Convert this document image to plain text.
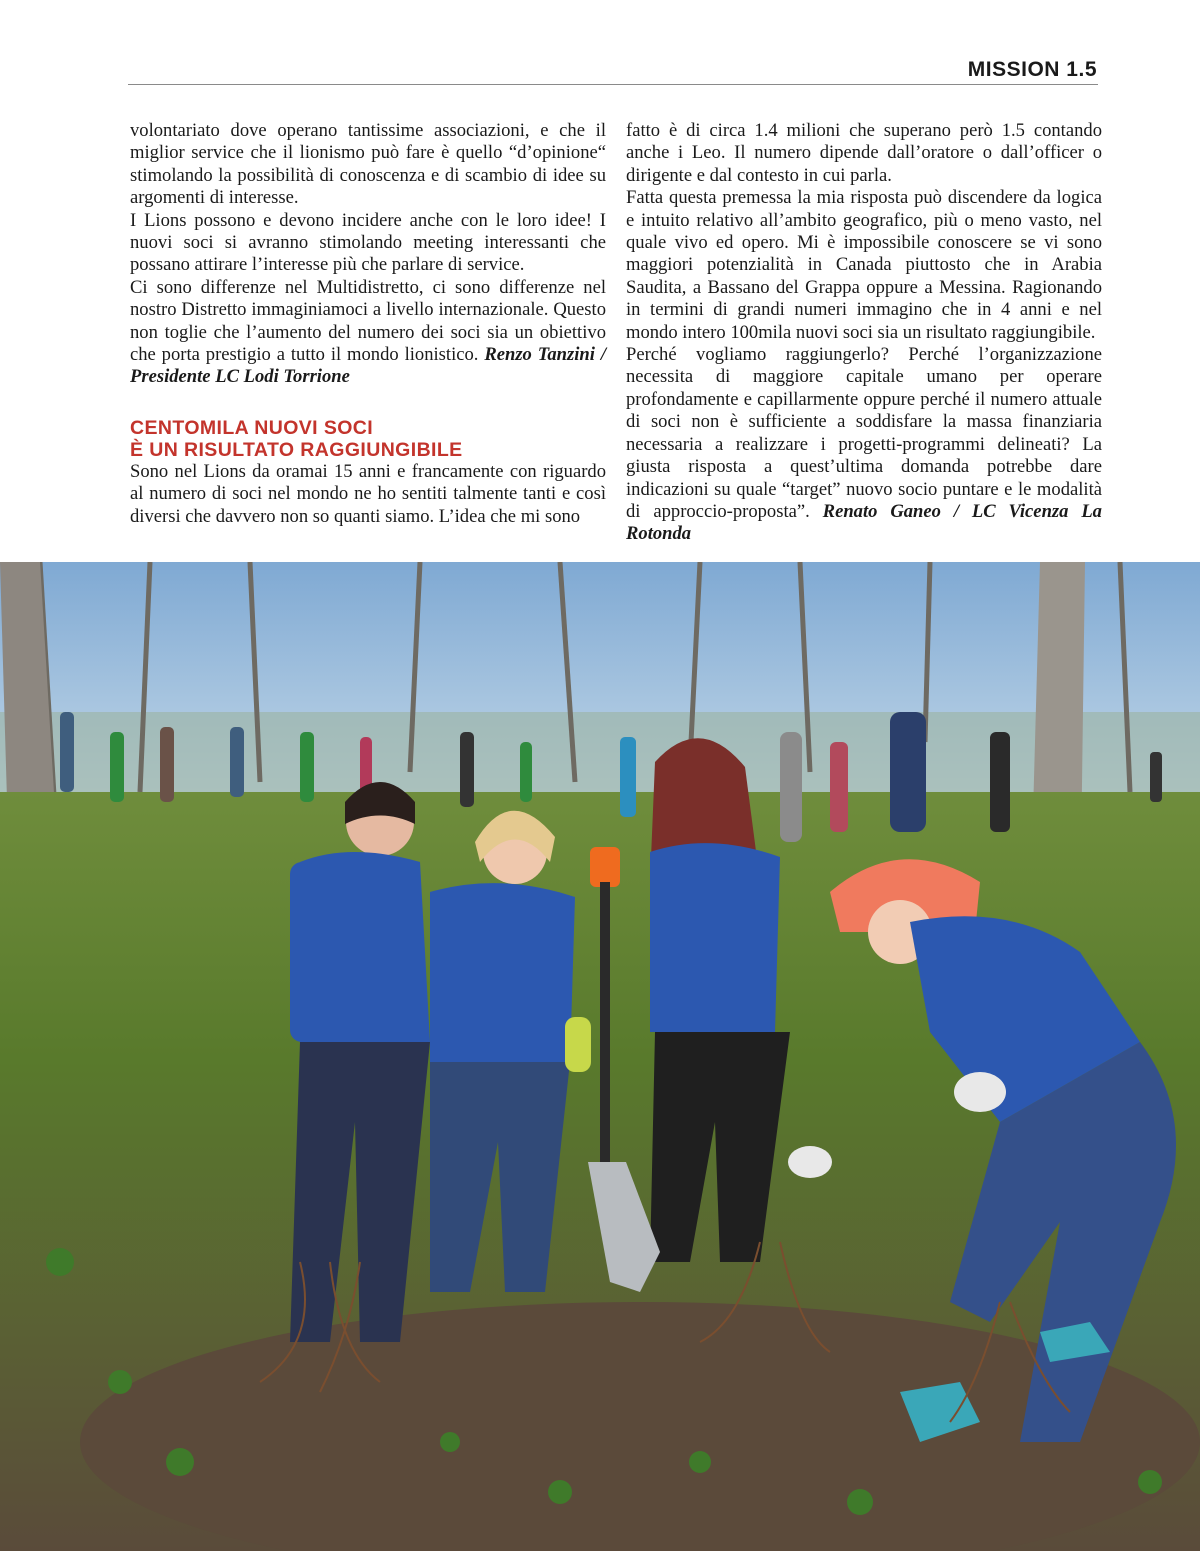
MISSION 1.5

volontariato dove operano tantissime associazioni, e che il miglior service che il lionismo può fare è quello “d’opinione“ stimolando la possibilità di conoscenza e di scambio di idee su argomenti di interesse.

I Lions possono e devono incidere anche con le loro idee! I nuovi soci si avranno stimolando meeting interessanti che possano attirare l’interesse più che parlare di service.

Ci sono differenze nel Multidistretto, ci sono differenze nel nostro Distretto immaginiamoci a livello internazionale. Questo non toglie che l’aumento del numero dei soci sia un obiettivo che porta prestigio a tutto il mondo lionistico. Renzo Tanzini / Presidente LC Lodi Torrione

CENTOMILA NUOVI SOCI
È UN RISULTATO RAGGIUNGIBILE

Sono nel Lions da oramai 15 anni e francamente con riguardo al numero di soci nel mondo ne ho sentiti talmente tanti e così diversi che davvero non so quanti siamo. L’idea che mi sono

fatto è di circa 1.4 milioni che superano però 1.5 contando anche i Leo. Il numero dipende dall’oratore o dall’officer o dirigente e dal contesto in cui parla.

Fatta questa premessa la mia risposta può discendere da logica e intuito relativo all’ambito geografico, più o meno vasto, nel quale vivo ed opero. Mi è impossibile conoscere se vi sono maggiori potenzialità in Canada piuttosto che in Arabia Saudita, a Bassano del Grappa oppure a Messina. Ragionando in termini di grandi numeri immagino che in 4 anni e nel mondo intero 100mila nuovi soci sia un risultato raggiungibile.

Perché vogliamo raggiungerlo? Perché l’organizzazione necessita di maggiore capitale umano per operare profondamente e capillarmente oppure perché il numero attuale di soci non è sufficiente a soddisfare la massa finanziaria necessaria a realizzare i progetti-programmi delineati? La giusta risposta a quest’ultima domanda potrebbe dare indicazioni su quale “target” nuovo socio puntare e le modalità di approccio-proposta”. Renato Ganeo / LC Vicenza La Rotonda
